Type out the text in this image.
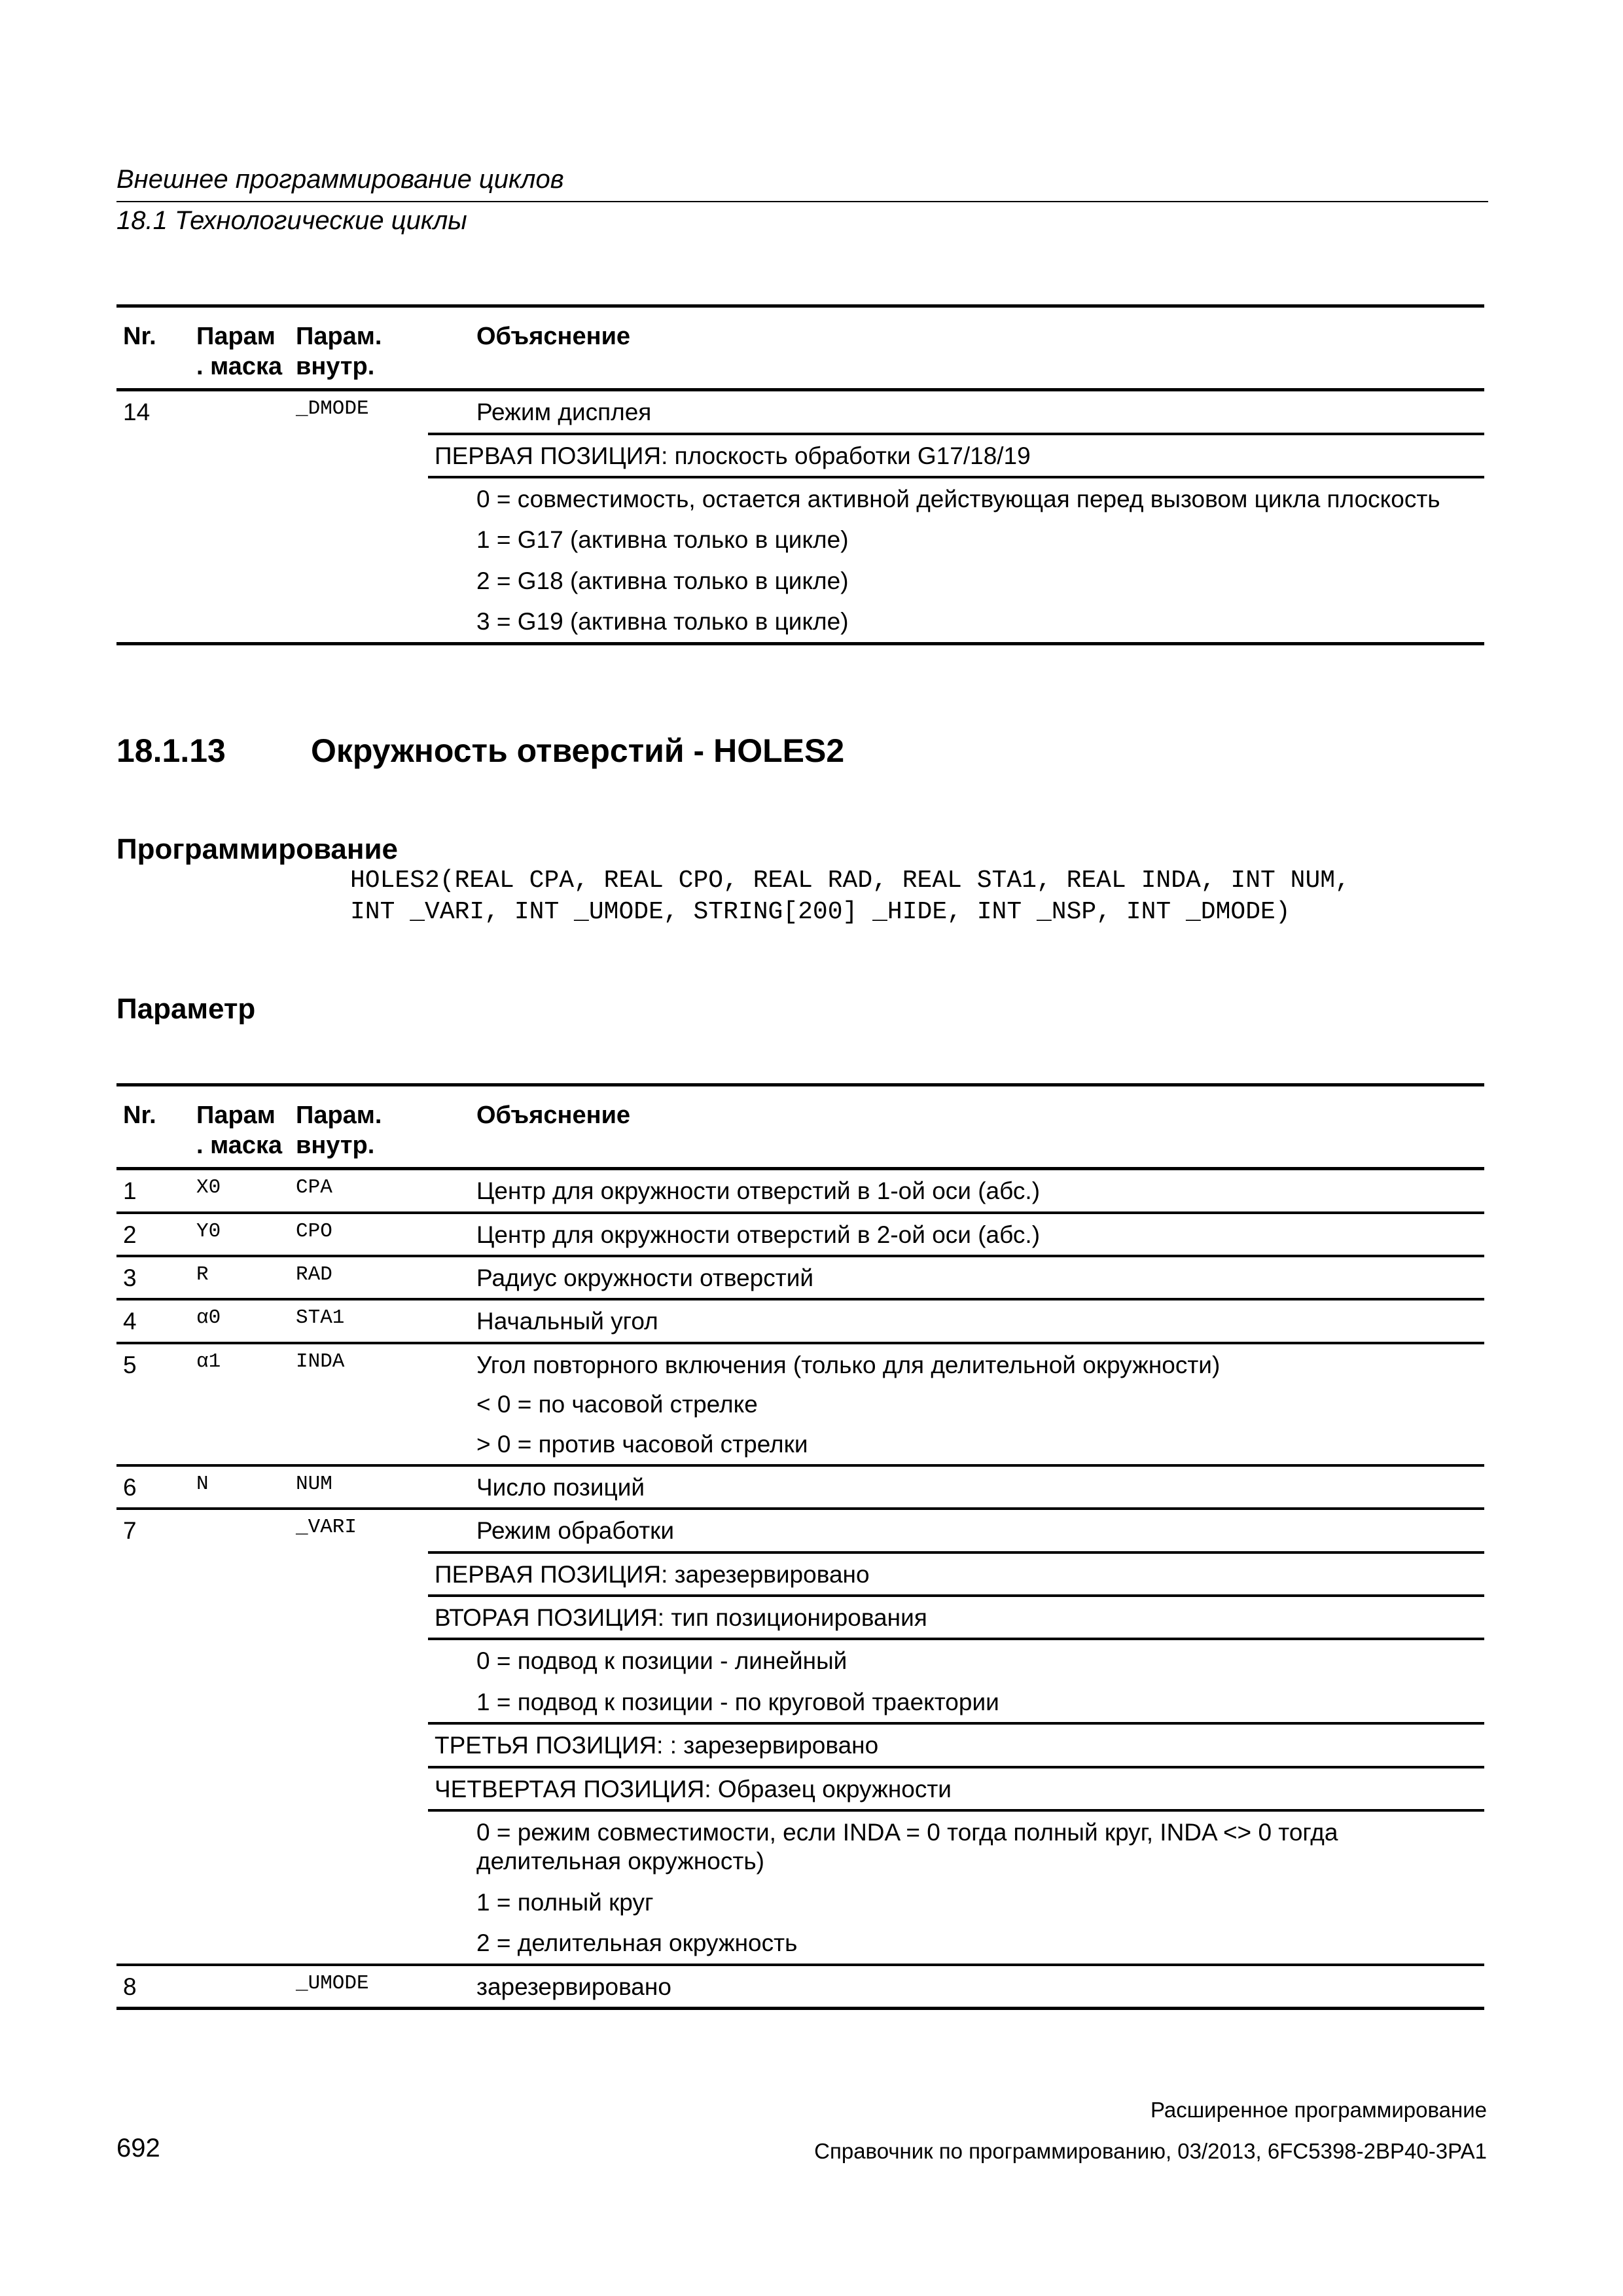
Внешнее программирование циклов
18.1 Технологические циклы
Nr.	Парам . маска	Парам. внутр.	Объяснение	
14		_DMODE	Режим дисплея	
			ПЕРВАЯ ПОЗИЦИЯ: плоскость обработки G17/18/19	
				0 = совместимость, остается активной действующая перед вызовом цикла плоскость
				1 = G17 (активна только в цикле)
				2 = G18 (активна только в цикле)
				3 = G19 (активна только в цикле)
18.1.13	Окружность отверстий - HOLES2
Программирование
HOLES2(REAL CPA, REAL CPO, REAL RAD, REAL STA1, REAL INDA, INT NUM,
INT _VARI, INT _UMODE, STRING[200] _HIDE, INT _NSP, INT _DMODE)
Параметр
Nr.	Парам . маска	Парам. внутр.	Объяснение	
1	X0	CPA	Центр для окружности отверстий в 1-ой оси (абс.)	
2	Y0	CPO	Центр для окружности отверстий в 2-ой оси (абс.)	
3	R	RAD	Радиус окружности отверстий	
4	α0	STA1	Начальный угол	
5	α1	INDA	Угол повторного включения (только для делительной окружности)
< 0 = по часовой стрелке
> 0 = против часовой стрелки	

6	N	NUM	Число позиций	
7		_VARI	Режим обработки	
			ПЕРВАЯ ПОЗИЦИЯ: зарезервировано	
			ВТОРАЯ ПОЗИЦИЯ: тип позиционирования	
				0 = подвод к позиции - линейный
				1 = подвод к позиции - по круговой траектории
			ТРЕТЬЯ ПОЗИЦИЯ: : зарезервировано	
			ЧЕТВЕРТАЯ ПОЗИЦИЯ: Образец окружности	
				0 = режим совместимости, если INDA = 0 тогда полный круг, INDA <> 0 тогда делительная окружность)
				1 = полный круг
				2 = делительная окружность
8		_UMODE	зарезервировано	
Расширенное программирование
692	Справочник по программированию, 03/2013, 6FC5398-2BP40-3PA1
